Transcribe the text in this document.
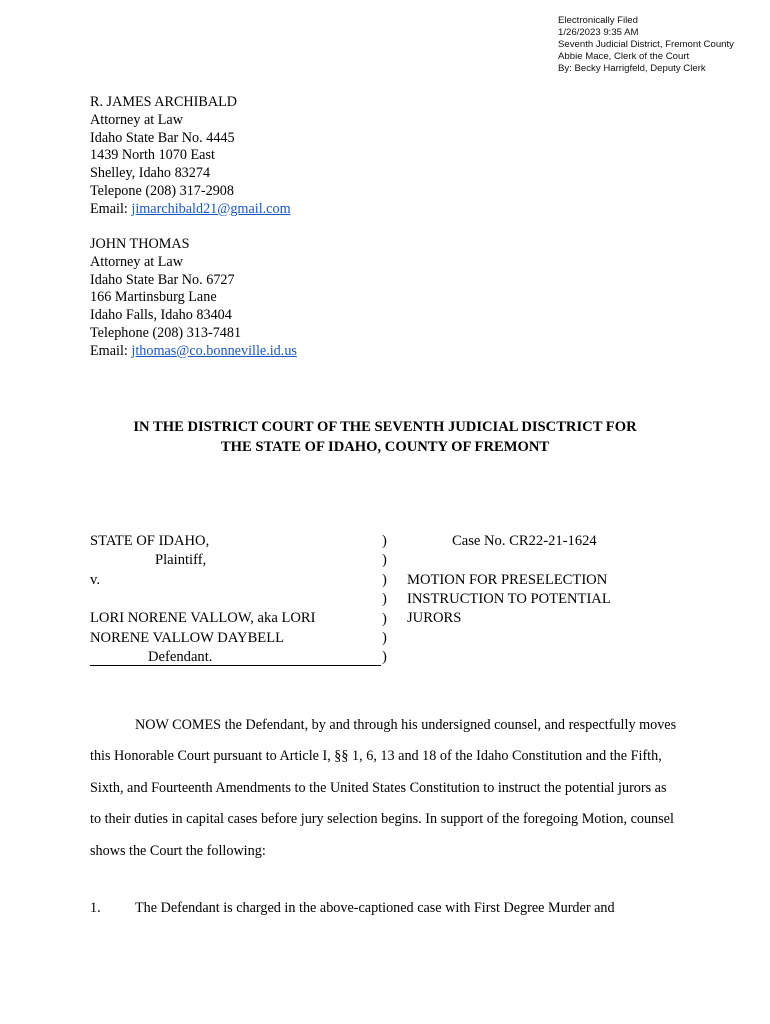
Electronically Filed
1/26/2023 9:35 AM
Seventh Judicial District, Fremont County
Abbie Mace, Clerk of the Court
By: Becky Harrigfeld, Deputy Clerk
R. JAMES ARCHIBALD
Attorney at Law
Idaho State Bar No. 4445
1439 North 1070 East
Shelley, Idaho 83274
Telepone (208) 317-2908
Email: jimarchibald21@gmail.com
JOHN THOMAS
Attorney at Law
Idaho State Bar No. 6727
166 Martinsburg Lane
Idaho Falls, Idaho 83404
Telephone (208) 313-7481
Email: jthomas@co.bonneville.id.us
IN THE DISTRICT COURT OF THE SEVENTH JUDICIAL DISCTRICT FOR
THE STATE OF IDAHO, COUNTY OF FREMONT
STATE OF IDAHO,
Plaintiff,
v.
LORI NORENE VALLOW, aka LORI
NORENE VALLOW DAYBELL
Defendant.
)
)
)
)
)
)
)
Case No. CR22-21-1624
MOTION FOR PRESELECTION
INSTRUCTION TO POTENTIAL
JURORS

NOW COMES the Defendant, by and through his undersigned counsel, and respectfully moves this Honorable Court pursuant to Article I, §§ 1, 6, 13 and 18 of the Idaho Constitution and the Fifth, Sixth, and Fourteenth Amendments to the United States Constitution to instruct the potential jurors as to their duties in capital cases before jury selection begins. In support of the foregoing Motion, counsel shows the Court the following:

1. The Defendant is charged in the above-captioned case with First Degree Murder and
